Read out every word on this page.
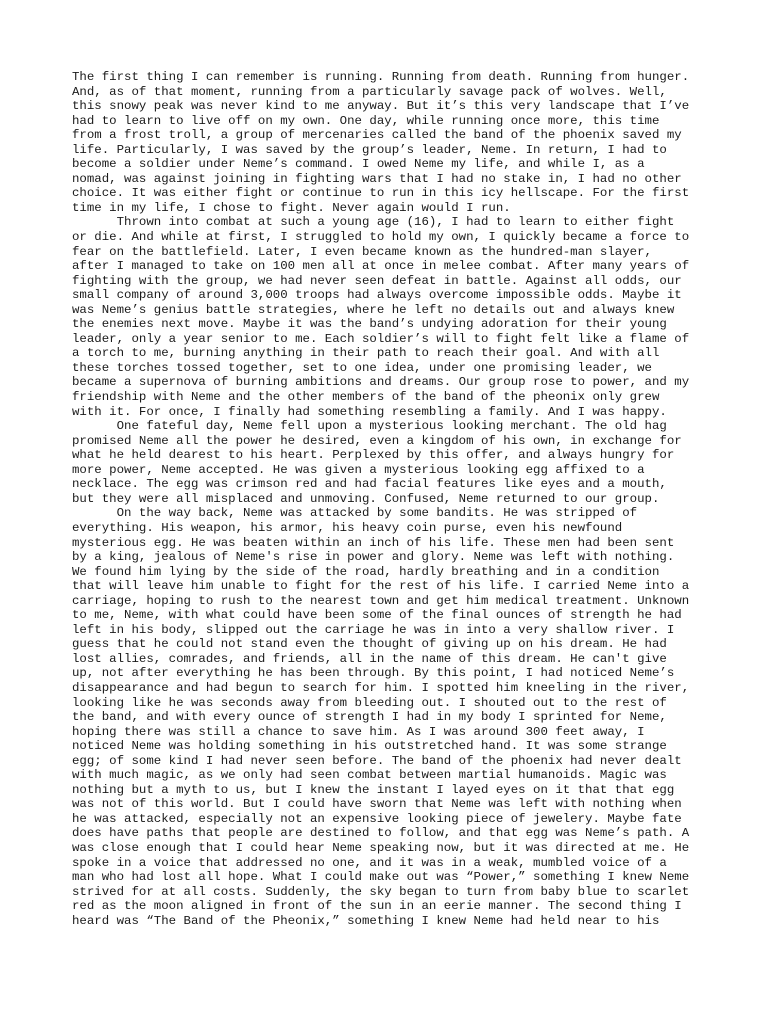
The first thing I can remember is running. Running from death. Running from hunger.
And, as of that moment, running from a particularly savage pack of wolves. Well,
this snowy peak was never kind to me anyway. But it’s this very landscape that I’ve
had to learn to live off on my own. One day, while running once more, this time
from a frost troll, a group of mercenaries called the band of the phoenix saved my
life. Particularly, I was saved by the group’s leader, Neme. In return, I had to
become a soldier under Neme’s command. I owed Neme my life, and while I, as a
nomad, was against joining in fighting wars that I had no stake in, I had no other
choice. It was either fight or continue to run in this icy hellscape. For the first
time in my life, I chose to fight. Never again would I run.
Thrown into combat at such a young age (16), I had to learn to either fight
or die. And while at first, I struggled to hold my own, I quickly became a force to
fear on the battlefield. Later, I even became known as the hundred-man slayer,
after I managed to take on 100 men all at once in melee combat. After many years of
fighting with the group, we had never seen defeat in battle. Against all odds, our
small company of around 3,000 troops had always overcome impossible odds. Maybe it
was Neme’s genius battle strategies, where he left no details out and always knew
the enemies next move. Maybe it was the band’s undying adoration for their young
leader, only a year senior to me. Each soldier’s will to fight felt like a flame of
a torch to me, burning anything in their path to reach their goal. And with all
these torches tossed together, set to one idea, under one promising leader, we
became a supernova of burning ambitions and dreams. Our group rose to power, and my
friendship with Neme and the other members of the band of the pheonix only grew
with it. For once, I finally had something resembling a family. And I was happy.
One fateful day, Neme fell upon a mysterious looking merchant. The old hag
promised Neme all the power he desired, even a kingdom of his own, in exchange for
what he held dearest to his heart. Perplexed by this offer, and always hungry for
more power, Neme accepted. He was given a mysterious looking egg affixed to a
necklace. The egg was crimson red and had facial features like eyes and a mouth,
but they were all misplaced and unmoving. Confused, Neme returned to our group.
On the way back, Neme was attacked by some bandits. He was stripped of
everything. His weapon, his armor, his heavy coin purse, even his newfound
mysterious egg. He was beaten within an inch of his life. These men had been sent
by a king, jealous of Neme's rise in power and glory. Neme was left with nothing.
We found him lying by the side of the road, hardly breathing and in a condition
that will leave him unable to fight for the rest of his life. I carried Neme into a
carriage, hoping to rush to the nearest town and get him medical treatment. Unknown
to me, Neme, with what could have been some of the final ounces of strength he had
left in his body, slipped out the carriage he was in into a very shallow river. I
guess that he could not stand even the thought of giving up on his dream. He had
lost allies, comrades, and friends, all in the name of this dream. He can't give
up, not after everything he has been through. By this point, I had noticed Neme’s
disappearance and had begun to search for him. I spotted him kneeling in the river,
looking like he was seconds away from bleeding out. I shouted out to the rest of
the band, and with every ounce of strength I had in my body I sprinted for Neme,
hoping there was still a chance to save him. As I was around 300 feet away, I
noticed Neme was holding something in his outstretched hand. It was some strange
egg; of some kind I had never seen before. The band of the phoenix had never dealt
with much magic, as we only had seen combat between martial humanoids. Magic was
nothing but a myth to us, but I knew the instant I layed eyes on it that that egg
was not of this world. But I could have sworn that Neme was left with nothing when
he was attacked, especially not an expensive looking piece of jewelery. Maybe fate
does have paths that people are destined to follow, and that egg was Neme’s path. A
was close enough that I could hear Neme speaking now, but it was directed at me. He
spoke in a voice that addressed no one, and it was in a weak, mumbled voice of a
man who had lost all hope. What I could make out was “Power,” something I knew Neme
strived for at all costs. Suddenly, the sky began to turn from baby blue to scarlet
red as the moon aligned in front of the sun in an eerie manner. The second thing I
heard was “The Band of the Pheonix,” something I knew Neme had held near to his
